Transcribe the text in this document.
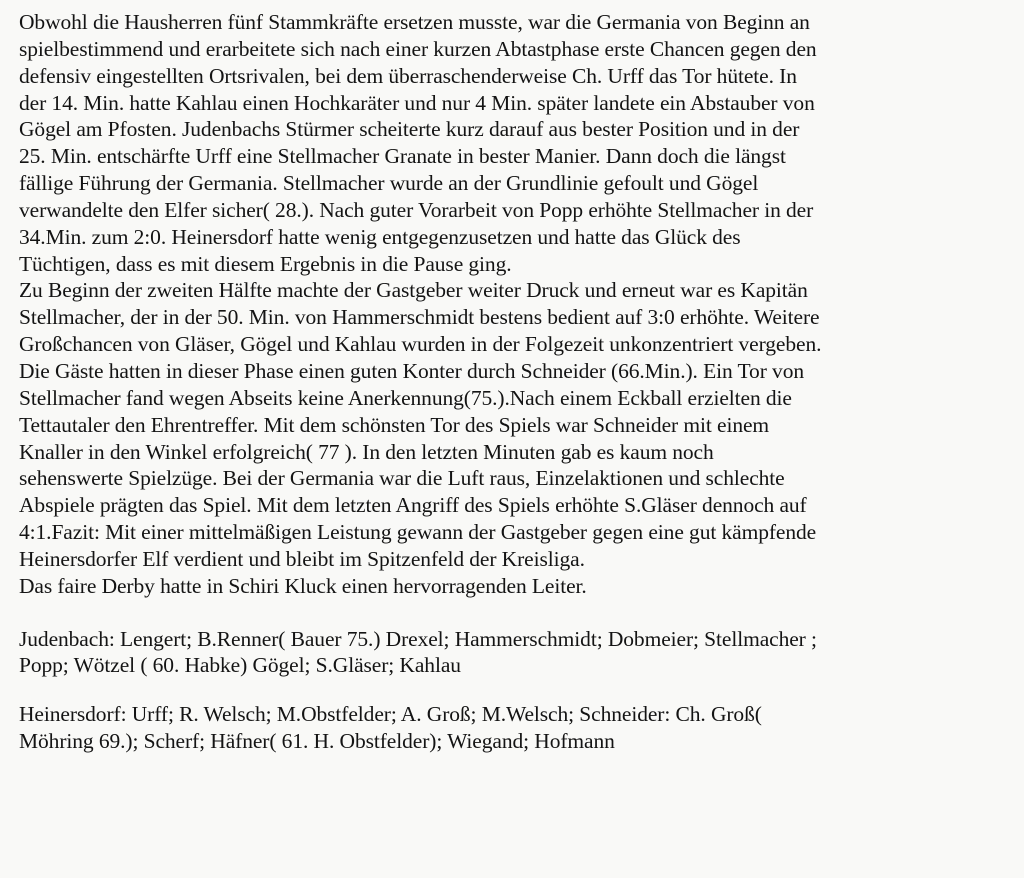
Obwohl die Hausherren fünf Stammkräfte ersetzen musste, war die Germania von Beginn an
spielbestimmend und erarbeitete sich nach einer kurzen Abtastphase erste Chancen gegen den
defensiv eingestellten Ortsrivalen, bei dem überraschenderweise Ch. Urff das Tor hütete. In
der 14. Min. hatte Kahlau einen Hochkaräter und nur 4 Min. später landete ein Abstauber von
Gögel am Pfosten. Judenbachs Stürmer scheiterte kurz darauf aus bester Position und in der
25. Min. entschärfte Urff eine Stellmacher Granate in bester Manier. Dann doch die längst
fällige Führung der Germania. Stellmacher wurde an der Grundlinie gefoult und Gögel
verwandelte den Elfer sicher( 28.). Nach guter Vorarbeit von Popp erhöhte Stellmacher in der
34.Min. zum 2:0. Heinersdorf hatte wenig entgegenzusetzen und hatte das Glück des
Tüchtigen, dass es mit diesem Ergebnis in die Pause ging.
Zu Beginn der zweiten Hälfte machte der Gastgeber weiter Druck und erneut war es Kapitän
Stellmacher, der in der 50. Min. von Hammerschmidt bestens bedient auf 3:0 erhöhte. Weitere
Großchancen von Gläser, Gögel und Kahlau wurden in der Folgezeit unkonzentriert vergeben.
Die Gäste hatten in dieser Phase einen guten Konter durch Schneider (66.Min.). Ein Tor von
Stellmacher fand wegen Abseits keine Anerkennung(75.).Nach einem Eckball erzielten die
Tettautaler den Ehrentreffer. Mit dem schönsten Tor des Spiels war Schneider mit einem
Knaller in den Winkel erfolgreich( 77 ). In den letzten Minuten gab es kaum noch
sehenswerte Spielzüge. Bei der Germania war die Luft raus, Einzelaktionen und schlechte
Abspiele prägten das Spiel. Mit dem letzten Angriff des Spiels erhöhte S.Gläser dennoch auf
4:1.Fazit: Mit einer mittelmäßigen Leistung gewann der Gastgeber gegen eine gut kämpfende
Heinersdorfer Elf verdient und bleibt im Spitzenfeld der Kreisliga.
Das faire Derby hatte in Schiri Kluck einen hervorragenden Leiter.
Judenbach: Lengert; B.Renner( Bauer 75.) Drexel; Hammerschmidt; Dobmeier; Stellmacher ;
Popp; Wötzel ( 60. Habke) Gögel; S.Gläser; Kahlau
Heinersdorf: Urff; R. Welsch; M.Obstfelder; A. Groß; M.Welsch; Schneider: Ch. Groß(
Möhring 69.); Scherf; Häfner( 61. H. Obstfelder); Wiegand; Hofmann
